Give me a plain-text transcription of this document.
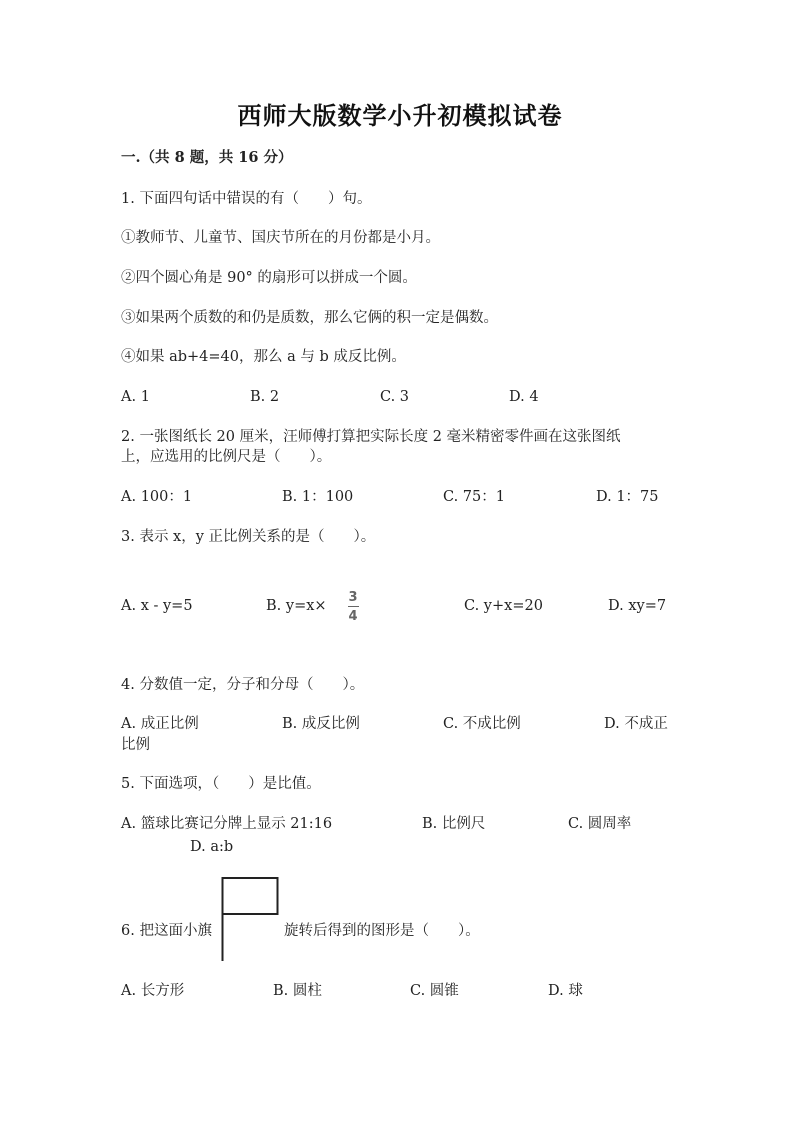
西师大版数学小升初模拟试卷
一.（共 8 题，共 16 分）
1. 下面四句话中错误的有（　　）句。
①教师节、儿童节、国庆节所在的月份都是小月。
②四个圆心角是 90° 的扇形可以拼成一个圆。
③如果两个质数的和仍是质数，那么它俩的积一定是偶数。
④如果 ab+4=40，那么 a 与 b 成反比例。
A. 1	B. 2	C. 3	D. 4
2. 一张图纸长 20 厘米，汪师傅打算把实际长度 2 毫米精密零件画在这张图纸
上，应选用的比例尺是（　　）。
A. 100：1	B. 1：100	C. 75：1	D. 1：75
3. 表示 x，y 正比例关系的是（　　）。
A. x - y=5	B. y=x×
3
4
C. y+x=20	D. xy=7
4. 分数值一定，分子和分母（　　）。
A. 成正比例	B. 成反比例	C. 不成比例	D. 不成正
比例
5. 下面选项，（　　）是比值。
A. 篮球比赛记分牌上显示 21:16	B. 比例尺	C. 圆周率
D. a:b
6. 把这面小旗	旋转后得到的图形是（　　）。
A. 长方形	B. 圆柱	C. 圆锥	D. 球
